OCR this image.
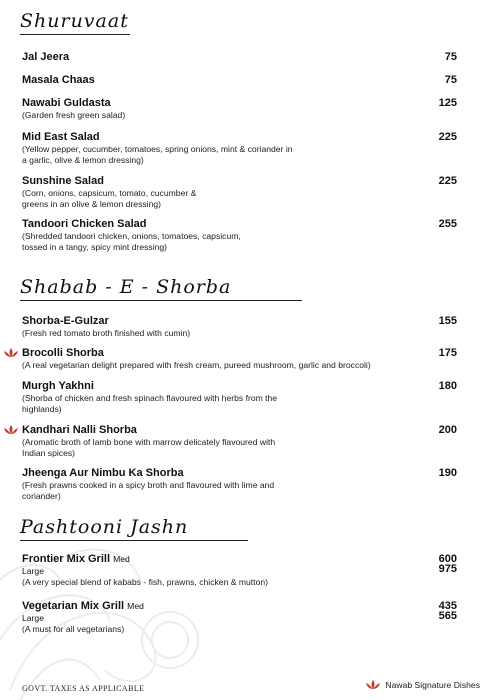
Shuruvaat
Jal Jeera	75
Masala Chaas	75
Nawabi Guldasta	125
(Garden fresh green salad)
Mid East Salad	225
(Yellow pepper, cucumber, tomatoes, spring onions, mint & coriander in a garlic, olive & lemon dressing)
Sunshine Salad	225
(Corn, onions, capsicum, tomato, cucumber & greens in an olive & lemon dressing)
Tandoori Chicken Salad	255
(Shredded tandoori chicken, onions, tomatoes, capsicum, tossed in a tangy, spicy mint dressing)
Shabab - E - Shorba
Shorba-E-Gulzar	155
(Fresh red tomato broth finished with cumin)
Brocolli Shorba	175
(A real vegetarian delight prepared with fresh cream, pureed mushroom, garlic and broccoli)
Murgh Yakhni	180
(Shorba of chicken and fresh spinach flavoured with herbs from the highlands)
Kandhari Nalli Shorba	200
(Aromatic broth of lamb bone with marrow delicately flavoured with Indian spices)
Jheenga Aur Nimbu Ka Shorba	190
(Fresh prawns cooked in a spicy broth and flavoured with lime and coriander)
Pashtooni Jashn
Frontier Mix Grill Med	600
Large	975
(A very special blend of kababs - fish, prawns, chicken & mutton)
Vegetarian Mix Grill Med	435
Large	565
(A must for all vegetarians)
GOVT. TAXES AS APPLICABLE	Nawab Signature Dishes
